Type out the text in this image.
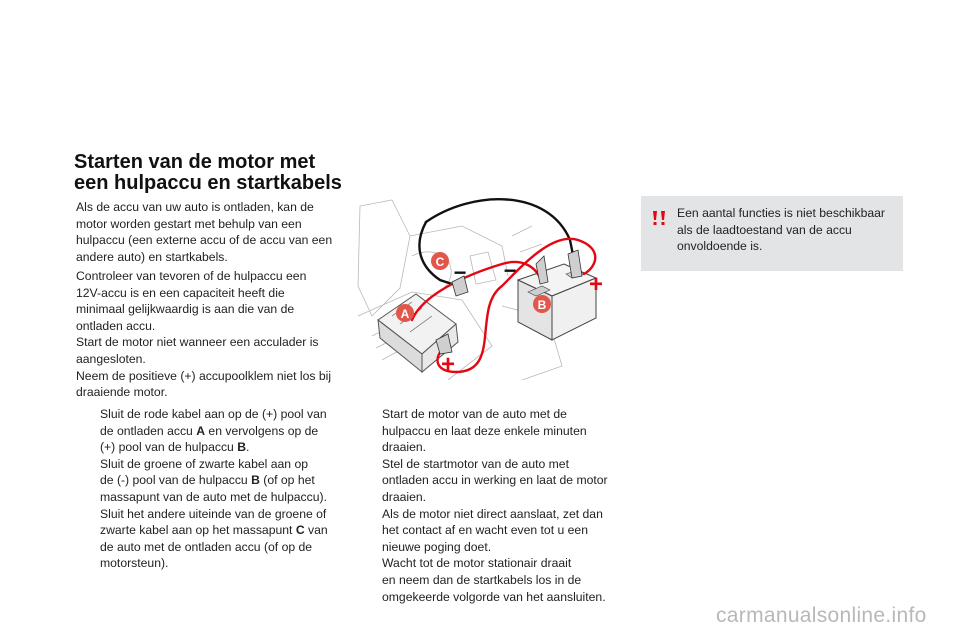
Starten van de motor met
een hulpaccu en startkabels

Als de accu van uw auto is ontladen, kan de
motor worden gestart met behulp van een
hulpaccu (een externe accu of de accu van een
andere auto) en startkabels.

Controleer van tevoren of de hulpaccu een
12V-accu is en een capaciteit heeft die
minimaal gelijkwaardig is aan die van de
ontladen accu.
Start de motor niet wanneer een acculader is
aangesloten.
Neem de positieve (+) accupoolklem niet los bij
draaiende motor.

Sluit de rode kabel aan op de (+) pool van
de ontladen accu A en vervolgens op de
(+) pool van de hulpaccu B.
Sluit de groene of zwarte kabel aan op
de (-) pool van de hulpaccu B (of op het
massapunt van de auto met de hulpaccu).
Sluit het andere uiteinde van de groene of
zwarte kabel aan op het massapunt C van
de auto met de ontladen accu (of op de
motorsteun).
Start de motor van de auto met de
hulpaccu en laat deze enkele minuten
draaien.
Stel de startmotor van de auto met
ontladen accu in werking en laat de motor
draaien.
Als de motor niet direct aanslaat, zet dan
het contact af en wacht even tot u een
nieuwe poging doet.
Wacht tot de motor stationair draait
en neem dan de startkabels los in de
omgekeerde volgorde van het aansluiten.
C
B
A
−
−	+
+
Een aantal functies is niet beschikbaar
als de laadtoestand van de accu
onvoldoende is.
carmanualsonline.info
